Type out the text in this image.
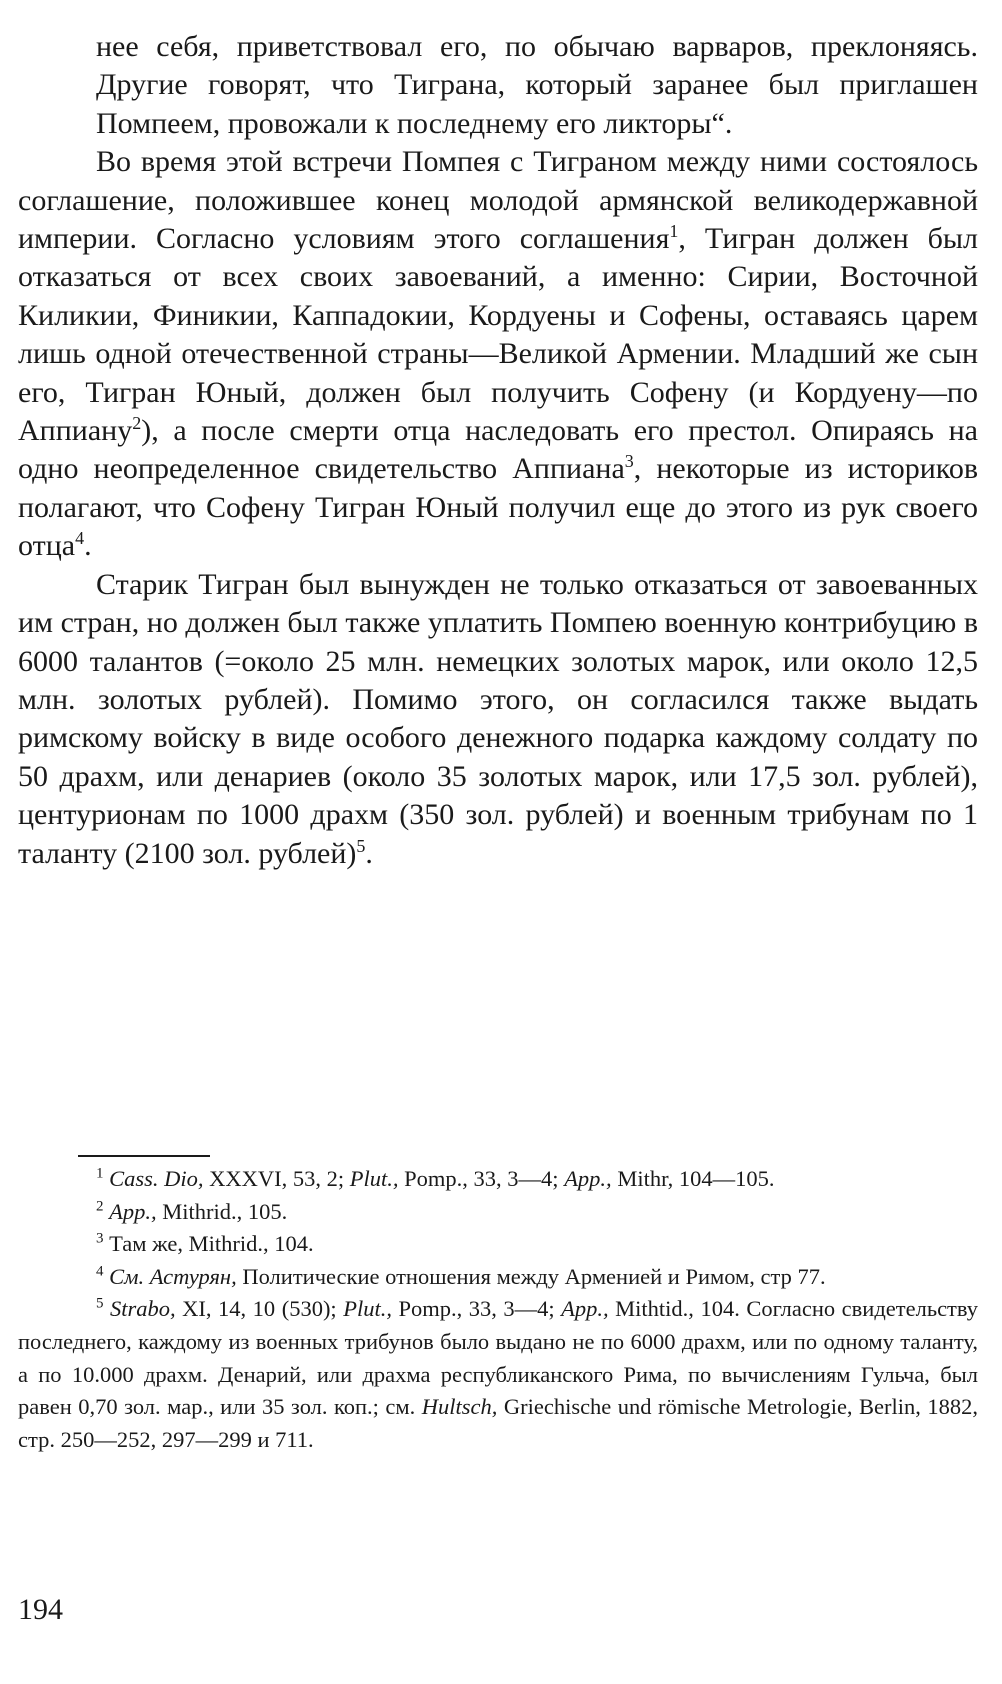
нее себя, приветствовал его, по обычаю варваров, преклоняясь. Другие говорят, что Тиграна, который заранее был приглашен Помпеем, провожали к последнему его ликторы“.

Во время этой встречи Помпея с Тиграном между ними состоялось соглашение, положившее конец молодой армянской великодержавной империи. Согласно условиям этого соглашения$^1$, Тигран должен был отказаться от всех своих завоеваний, а именно: Сирии, Восточной Киликии, Финикии, Каппадокии, Кордуены и Софены, оставаясь царем лишь одной отечественной страны—Великой Армении. Младший же сын его, Тигран Юный, должен был получить Софену (и Кордуену—по Аппиану$^2$), а после смерти отца наследовать его престол. Опираясь на одно неопределенное свидетельство Аппиана$^3$, некоторые из историков полагают, что Софену Тигран Юный получил еще до этого из рук своего отца$^4$.

Старик Тигран был вынужден не только отказаться от завоеванных им стран, но должен был также уплатить Помпею военную контрибуцию в 6000 талантов (=около 25 млн. немецких золотых марок, или около 12,5 млн. золотых рублей). Помимо этого, он согласился также выдать римскому войску в виде особого денежного подарка каждому солдату по 50 драхм, или денариев (около 35 золотых марок, или 17,5 зол. рублей), центурионам по 1000 драхм (350 зол. рублей) и военным трибунам по 1 таланту (2100 зол. рублей)$^5$.

$^1$ Cass. Dio, XXXVI, 53, 2; Plut., Pomp., 33, 3—4; App., Mithr, 104—105.

$^2$ App., Mithrid., 105.

$^3$ Там же, Mithrid., 104.

$^4$ См. Астурян, Политические отношения между Арменией и Римом, стр 77.

$^5$ Strabo, XI, 14, 10 (530); Plut., Pomp., 33, 3—4; App., Mithtid., 104. Согласно свидетельству последнего, каждому из военных трибунов было выдано не по 6000 драхм, или по одному таланту, а по 10.000 драхм. Денарий, или драхма республиканского Рима, по вычислениям Гульча, был равен 0,70 зол. мар., или 35 зол. коп.; см. Hultsch, Griechische und römische Metrologie, Berlin, 1882, стр. 250—252, 297—299 и 711.

194
